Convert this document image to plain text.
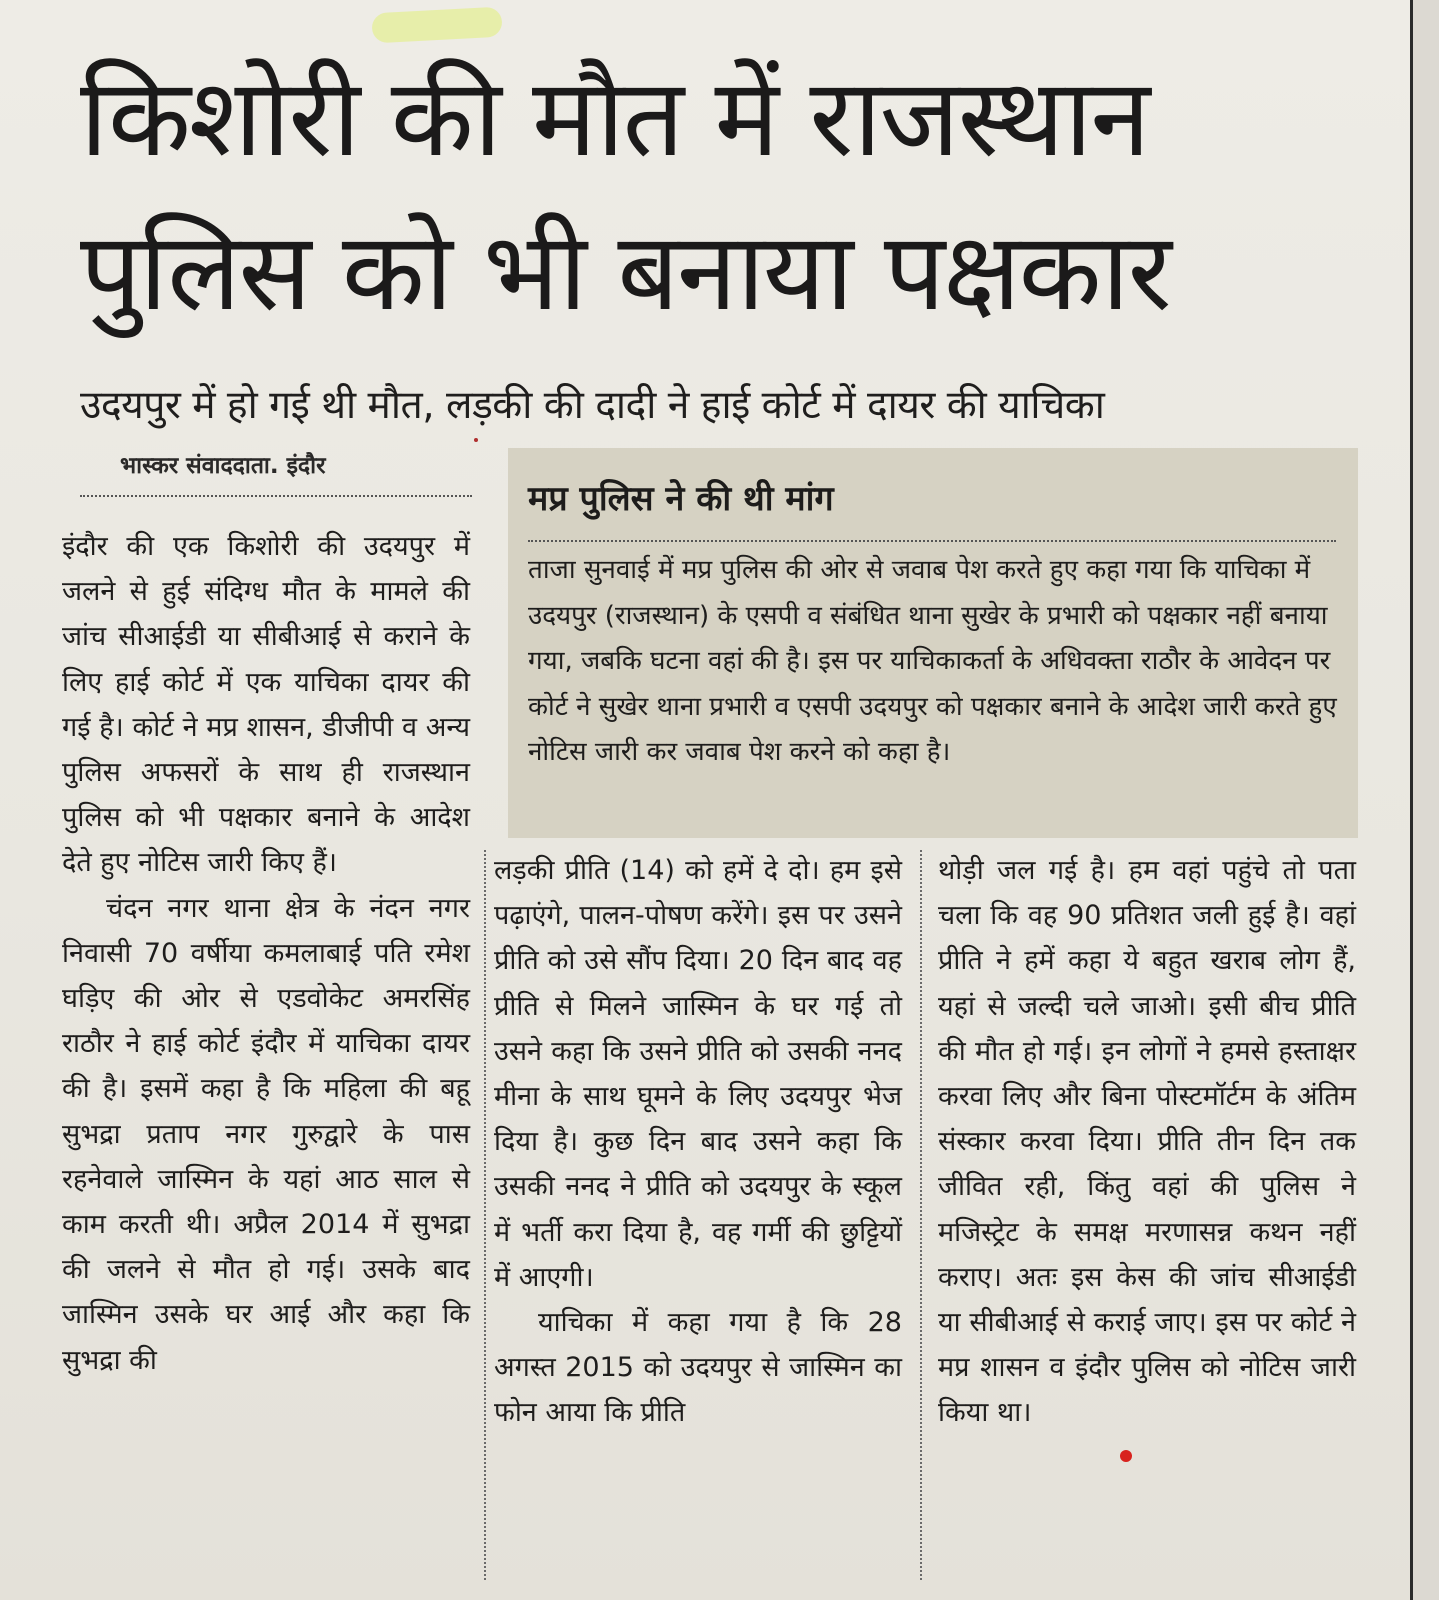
किशोरी की मौत में राजस्थान
पुलिस को भी बनाया पक्षकार
उदयपुर में हो गई थी मौत, लड़की की दादी ने हाई कोर्ट में दायर की याचिका
भास्कर संवाददाता. इंदौर
मप्र पुलिस ने की थी मांग

ताजा सुनवाई में मप्र पुलिस की ओर से जवाब पेश करते हुए कहा गया कि याचिका में उदयपुर (राजस्थान) के एसपी व संबंधित थाना सुखेर के प्रभारी को पक्षकार नहीं बनाया गया, जबकि घटना वहां की है। इस पर याचिकाकर्ता के अधिवक्ता राठौर के आवेदन पर कोर्ट ने सुखेर थाना प्रभारी व एसपी उदयपुर को पक्षकार बनाने के आदेश जारी करते हुए नोटिस जारी कर जवाब पेश करने को कहा है।

इंदौर की एक किशोरी की उदयपुर में जलने से हुई संदिग्ध मौत के मामले की जांच सीआईडी या सीबीआई से कराने के लिए हाई कोर्ट में एक याचिका दायर की गई है। कोर्ट ने मप्र शासन, डीजीपी व अन्य पुलिस अफसरों के साथ ही राजस्थान पुलिस को भी पक्षकार बनाने के आदेश देते हुए नोटिस जारी किए हैं।

चंदन नगर थाना क्षेत्र के नंदन नगर निवासी 70 वर्षीया कमलाबाई पति रमेश घड़िए की ओर से एडवोकेट अमरसिंह राठौर ने हाई कोर्ट इंदौर में याचिका दायर की है। इसमें कहा है कि महिला की बहू सुभद्रा प्रताप नगर गुरुद्वारे के पास रहनेवाले जास्मिन के यहां आठ साल से काम करती थी। अप्रैल 2014 में सुभद्रा की जलने से मौत हो गई। उसके बाद जास्मिन उसके घर आई और कहा कि सुभद्रा की

लड़की प्रीति (14) को हमें दे दो। हम इसे पढ़ाएंगे, पालन-पोषण करेंगे। इस पर उसने प्रीति को उसे सौंप दिया। 20 दिन बाद वह प्रीति से मिलने जास्मिन के घर गई तो उसने कहा कि उसने प्रीति को उसकी ननद मीना के साथ घूमने के लिए उदयपुर भेज दिया है। कुछ दिन बाद उसने कहा कि उसकी ननद ने प्रीति को उदयपुर के स्कूल में भर्ती करा दिया है, वह गर्मी की छुट्टियों में आएगी।

याचिका में कहा गया है कि 28 अगस्त 2015 को उदयपुर से जास्मिन का फोन आया कि प्रीति

थोड़ी जल गई है। हम वहां पहुंचे तो पता चला कि वह 90 प्रतिशत जली हुई है। वहां प्रीति ने हमें कहा ये बहुत खराब लोग हैं, यहां से जल्दी चले जाओ। इसी बीच प्रीति की मौत हो गई। इन लोगों ने हमसे हस्ताक्षर करवा लिए और बिना पोस्टमॉर्टम के अंतिम संस्कार करवा दिया। प्रीति तीन दिन तक जीवित रही, किंतु वहां की पुलिस ने मजिस्ट्रेट के समक्ष मरणासन्न कथन नहीं कराए। अतः इस केस की जांच सीआईडी या सीबीआई से कराई जाए। इस पर कोर्ट ने मप्र शासन व इंदौर पुलिस को नोटिस जारी किया था।
